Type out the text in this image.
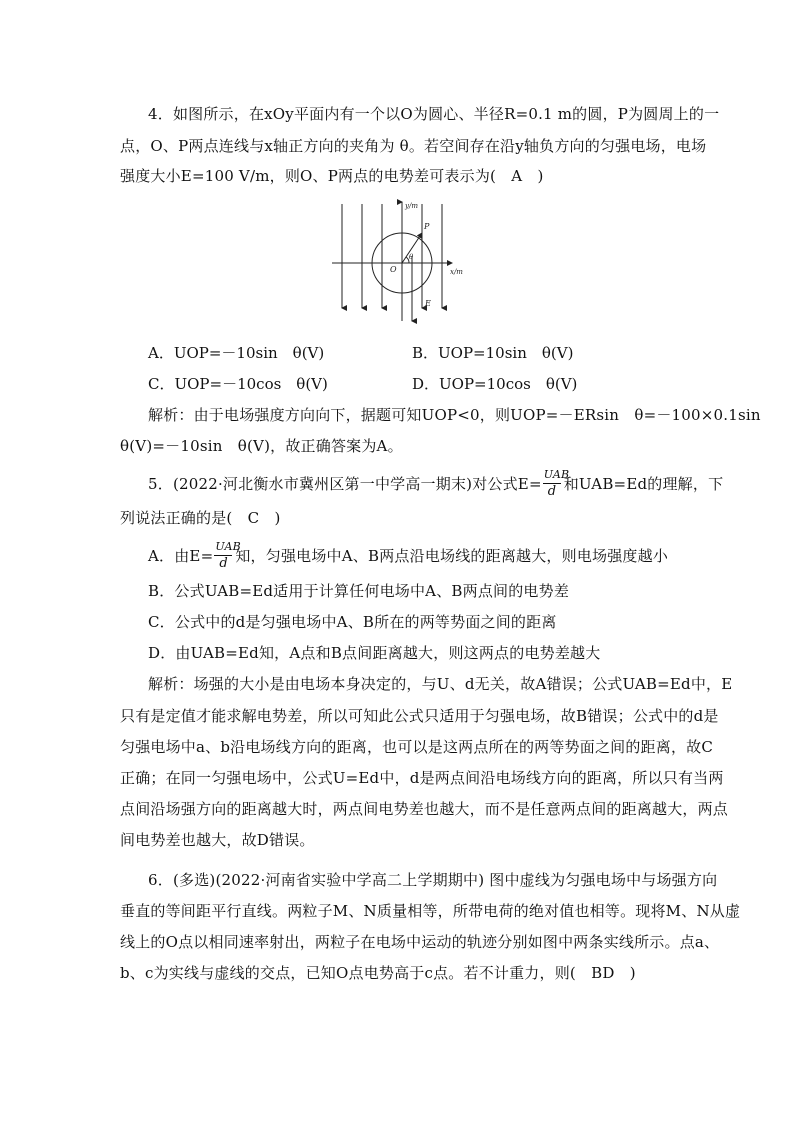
4．如图所示，在xOy平面内有一个以O为圆心、半径R=0.1 m的圆，P为圆周上的一
点，O、P两点连线与x轴正方向的夹角为 θ。若空间存在沿y轴负方向的匀强电场，电场
强度大小E=100 V/m，则O、P两点的电势差可表示为(　A　)
y/m
x/m
O
P
θ
E
A．UOP=－10sin　θ(V)	B．UOP=10sin　θ(V)
C．UOP=－10cos　θ(V)	D．UOP=10cos　θ(V)
解析：由于电场强度方向向下，据题可知UOP<0，则UOP=－ERsin　θ=－100×0.1sin
θ(V)=－10sin　θ(V)，故正确答案为A。
5．(2022·河北衡水市冀州区第一中学高一期末)对公式$E= \frac{\text{UAB}}{d}$ 和UAB=Ed的理解，下
列说法正确的是(　C　)
A．由$E= \frac{\text{UAB}}{d}$ 知，匀强电场中A、B两点沿电场线的距离越大，则电场强度越小
B．公式UAB=Ed适用于计算任何电场中A、B两点间的电势差
C．公式中的d是匀强电场中A、B所在的两等势面之间的距离
D．由UAB=Ed知，A点和B点间距离越大，则这两点的电势差越大
解析：场强的大小是由电场本身决定的，与U、d无关，故A错误；公式UAB=Ed中，E
只有是定值才能求解电势差，所以可知此公式只适用于匀强电场，故B错误；公式中的d是
匀强电场中a、b沿电场线方向的距离，也可以是这两点所在的两等势面之间的距离，故C
正确；在同一匀强电场中，公式U=Ed中，d是两点间沿电场线方向的距离，所以只有当两
点间沿场强方向的距离越大时，两点间电势差也越大，而不是任意两点间的距离越大，两点
间电势差也越大，故D错误。
6．(多选)(2022·河南省实验中学高二上学期期中) 图中虚线为匀强电场中与场强方向
垂直的等间距平行直线。两粒子M、N质量相等，所带电荷的绝对值也相等。现将M、N从虚
线上的O点以相同速率射出，两粒子在电场中运动的轨迹分别如图中两条实线所示。点a、
b、c为实线与虚线的交点，已知O点电势高于c点。若不计重力，则(　BD　)
